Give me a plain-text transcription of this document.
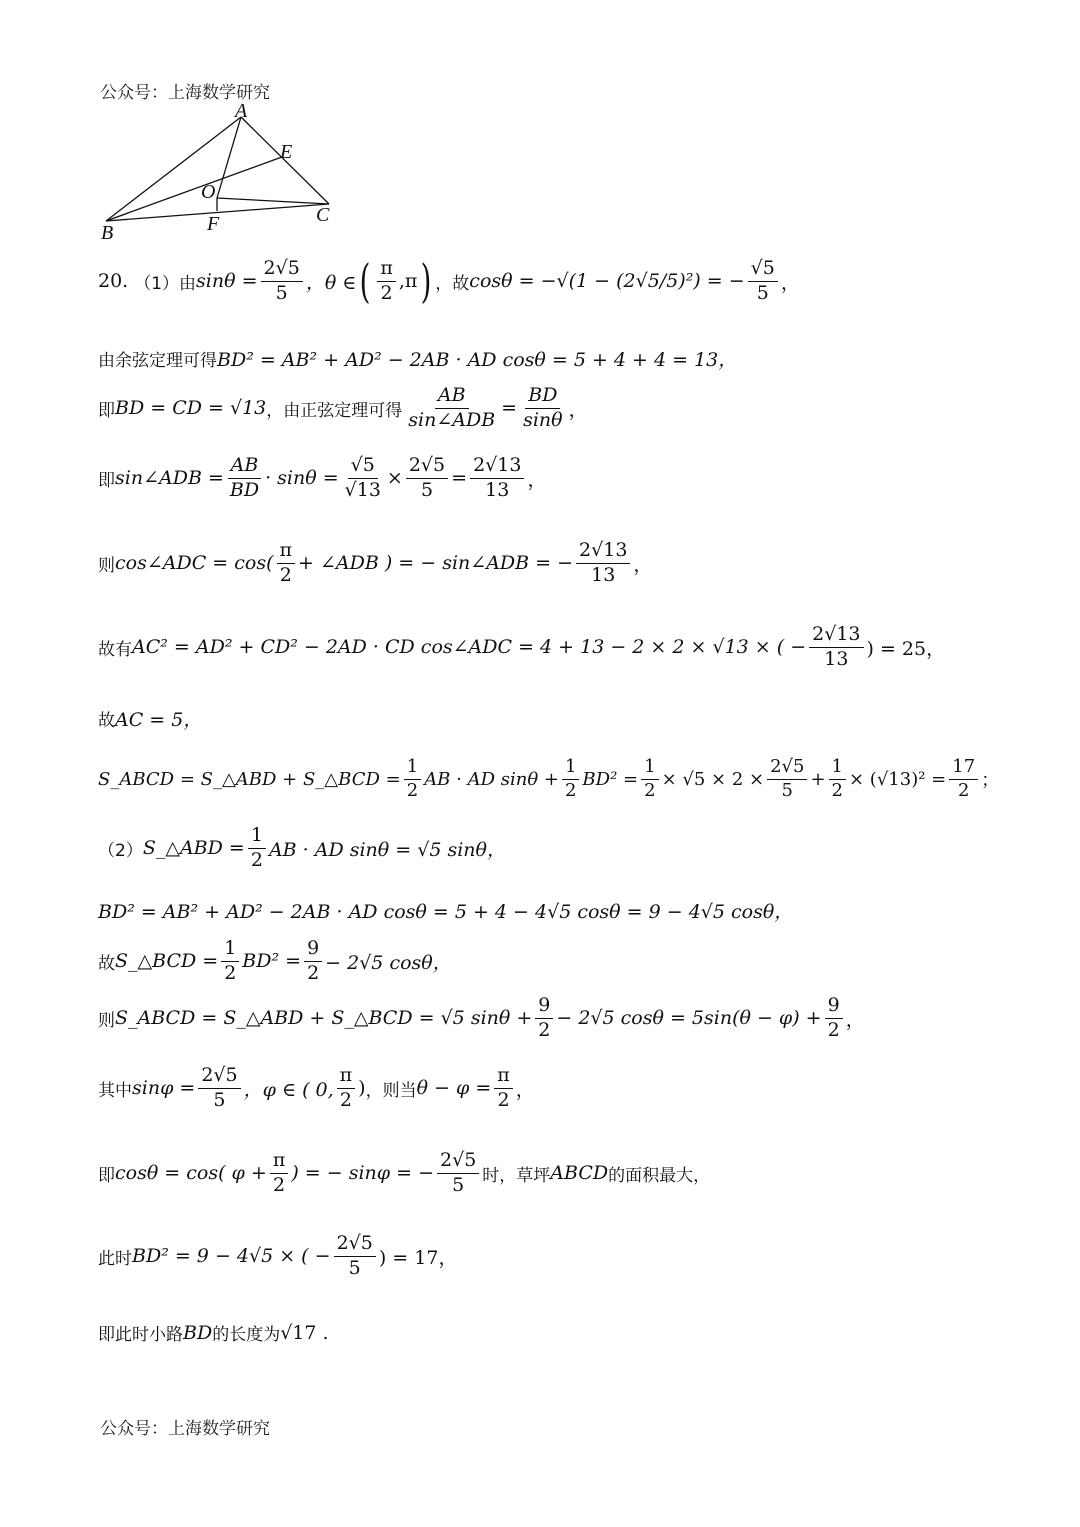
公众号：上海数学研究
A
E
O
C
F
B
20. （1）由 $\sin\theta = \frac{2√5}{5}$ ，θ ∈ ( $\frac{\pi}{2} ,\pi$ ) ，故 cosθ = −√(1 − (2√5/5)²) = − $\frac{√5}{5}$ ，
由余弦定理可得 BD² = AB² + AD² − 2AB · AD cosθ = 5 + 4 + 4 = 13，
即 BD = CD = √13 ，由正弦定理可得 $\frac{AB}{\text{sin∠ADB}} = \frac{BD}{\sin\theta}$ ，
即 sin∠ADB = $\frac{AB}{BD} \cdot \sin\theta = \frac{√5}{√13} \times \frac{2√5}{5} = \frac{2√13}{13}$ ，
则 cos∠ADC = $\cos( \frac{\pi}{2}$ + ∠ADB ) = − sin∠ADB = − $\frac{2√13}{13}$ ，
故有 AC² = AD² + CD² − 2AD · CD cos∠ADC = 4 + 13 − 2 × 2 × √13 × ( − $\frac{2√13}{13}$ ) = 25，
故 AC = 5，
S_ABCD = S_△ABD + S_△BCD = $\frac{1}{2}$ AB · AD $\sin\theta + \frac{1}{2} BD^2 = \frac{1}{2} \times √5 \times 2 \times \frac{2√5}{5} + \frac{1}{2} \times (√13)^2 = \frac{17}{2}$ ；
（2） S_△ABD = $\frac{1}{2}$ AB · AD sinθ = √5 sinθ，
BD² = AB² + AD² − 2AB · AD cosθ = 5 + 4 − 4√5 cosθ = 9 − 4√5 cosθ，
故 S_△BCD = $\frac{1}{2} BD^2 = \frac{9}{2} - 2√5$ cosθ，
则 S_ABCD = S_△ABD + S_△BCD = √5 $\sin\theta + \frac{9}{2} - 2√5$ $\cos\theta = 5\sin(\theta - \varphi) + \frac{9}{2}$ ，
其中 $\sin\varphi = \frac{2√5}{5}$ ，φ ∈ ( 0, $\frac{\pi}{2}$ ) ，则当 $\theta - \varphi = \frac{\pi}{2}$ ，
即 cosθ = cos( $\varphi + \frac{\pi}{2}$ ) = − sinφ = − $\frac{2√5}{5}$ 时，草坪 ABCD 的面积最大，
此时 BD² = 9 − 4√5 × ( − $\frac{2√5}{5}$ ) = 17，
即此时小路 BD 的长度为 √17 .
公众号：上海数学研究
